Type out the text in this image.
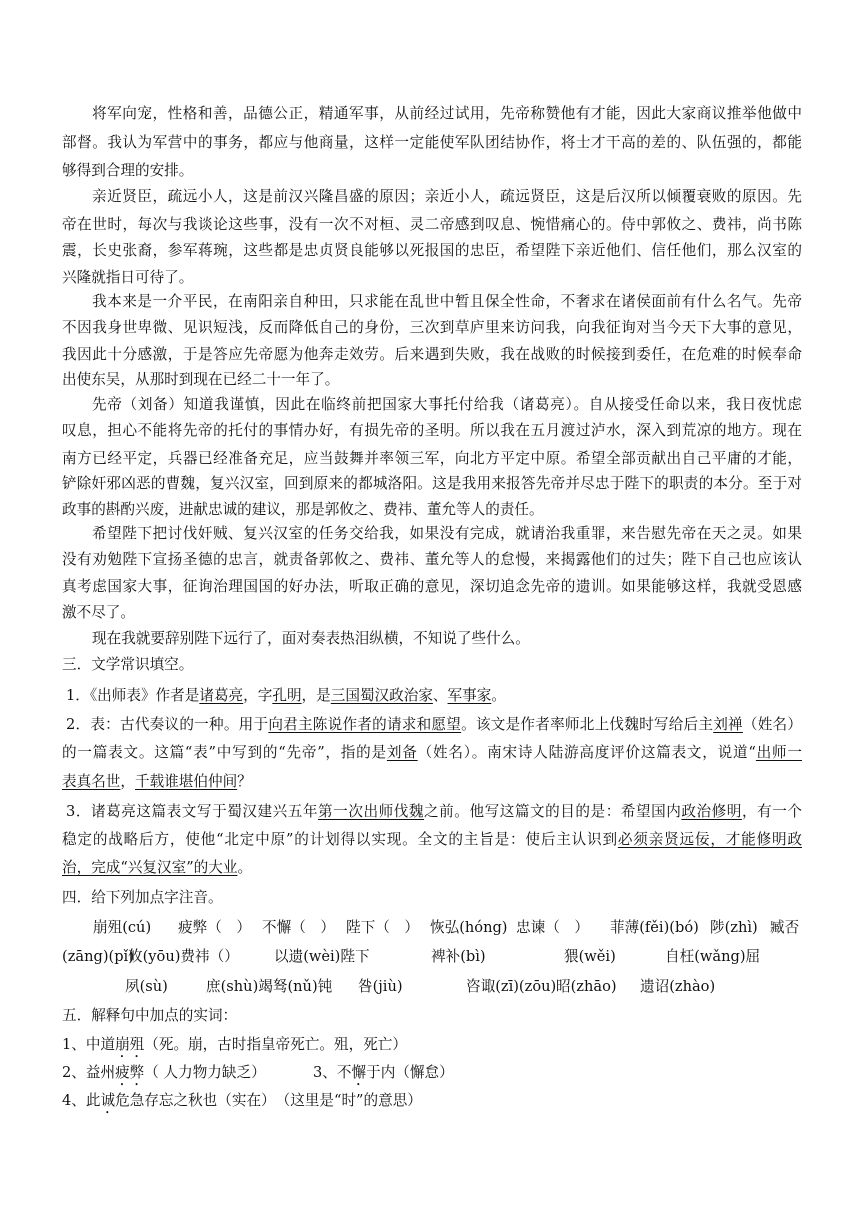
将军向宠，性格和善，品德公正，精通军事，从前经过试用，先帝称赞他有才能，因此大家商议推举他做中
部督。我认为军营中的事务，都应与他商量，这样一定能使军队团结协作，将士才干高的差的、队伍强的，都能
够得到合理的安排。
亲近贤臣，疏远小人，这是前汉兴隆昌盛的原因；亲近小人，疏远贤臣，这是后汉所以倾覆衰败的原因。先
帝在世时，每次与我谈论这些事，没有一次不对桓、灵二帝感到叹息、惋惜痛心的。侍中郭攸之、费祎，尚书陈
震，长史张裔，参军蒋琬，这些都是忠贞贤良能够以死报国的忠臣，希望陛下亲近他们、信任他们，那么汉室的
兴隆就指日可待了。
我本来是一介平民，在南阳亲自种田，只求能在乱世中暂且保全性命，不奢求在诸侯面前有什么名气。先帝
不因我身世卑微、见识短浅，反而降低自己的身份，三次到草庐里来访问我，向我征询对当今天下大事的意见，
我因此十分感激，于是答应先帝愿为他奔走效劳。后来遇到失败，我在战败的时候接到委任，在危难的时候奉命
出使东吴，从那时到现在已经二十一年了。
先帝（刘备）知道我谨慎，因此在临终前把国家大事托付给我（诸葛亮）。自从接受任命以来，我日夜忧虑
叹息，担心不能将先帝的托付的事情办好，有损先帝的圣明。所以我在五月渡过泸水，深入到荒凉的地方。现在
南方已经平定，兵器已经准备充足，应当鼓舞并率领三军，向北方平定中原。希望全部贡献出自己平庸的才能，
铲除奸邪凶恶的曹魏，复兴汉室，回到原来的都城洛阳。这是我用来报答先帝并尽忠于陛下的职责的本分。至于对
政事的斟酌兴废，进献忠诚的建议，那是郭攸之、费祎、董允等人的责任。
希望陛下把讨伐奸贼、复兴汉室的任务交给我，如果没有完成，就请治我重罪，来告慰先帝在天之灵。如果
没有劝勉陛下宣扬圣德的忠言，就责备郭攸之、费祎、董允等人的怠慢，来揭露他们的过失；陛下自己也应该认
真考虑国家大事，征询治理国国的好办法，听取正确的意见，深切追念先帝的遗训。如果能够这样，我就受恩感
激不尽了。
现在我就要辞别陛下远行了，面对奏表热泪纵横，不知说了些什么。
三．文学常识填空。
1．《出师表》作者是诸葛亮，字孔明，是三国蜀汉政治家、军事家。
2．表：古代奏议的一种。用于向君主陈说作者的请求和愿望。该文是作者率师北上伐魏时写给后主刘禅（姓名）
的一篇表文。这篇“表”中写到的“先帝”，指的是刘备（姓名）。南宋诗人陆游高度评价这篇表文，说道“出师一
表真名世，千载谁堪伯仲间？
3．诸葛亮这篇表文写于蜀汉建兴五年第一次出师伐魏之前。他写这篇文的目的是：希望国内政治修明，有一个
稳定的战略后方，使他“北定中原”的计划得以实现。全文的主旨是：使后主认识到必须亲贤远佞，才能修明政
治，完成“兴复汉室”的大业。
四．给下列加点字注音。
崩殂(cú) 疲弊（　） 不懈（　） 陛下（　） 恢弘(hóng) 忠谏（　） 菲薄(fěi)(bó) 陟(zhì) 臧否
(zāng)(pǐ)
攸(yōu)费祎（） 以遗(wèi)陛下	裨补(bì)	猥(wěi)	自枉(wǎng)屈
夙(sù)	庶(shù)竭驽(nǔ)钝 咎(jiù)	咨诹(zī)(zōu) 昭(zhāo) 遗诏(zhào)
五．解释句中加点的实词：
1、中道崩殂（死。崩，古时指皇帝死亡。殂，死亡）
2、益州疲弊（ 人力物力缺乏）	3、不懈于内（懈怠）
4、此诚危急存忘之秋也（实在）　（这里是“时”的意思）
